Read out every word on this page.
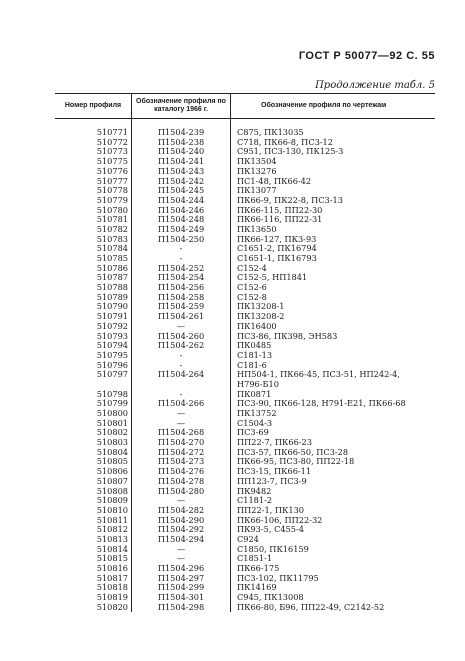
ГОСТ Р 50077—92 С. 55
Продолжение табл. 5
Номер профиля	Обозначение профиля по каталогу 1966 г.	Обозначение профиля по чертежам

510771	П1504-239	С875, ПК13035
510772	П1504-238	С718, ПК66-8, ПС3-12
510773	П1504-240	С951, ПС3-130, ПК125-3
510775	П1504-241	ПК13504
510776	П1504-243	ПК13276
510777	П1504-242	ПС1-48, ПК66-42
510778	П1504-245	ПК13077
510779	П1504-244	ПК66-9, ПК22-8, ПС3-13
510780	П1504-246	ПК66-115, ПП22-30
510781	П1504-248	ПК66-116, ПП22-31
510782	П1504-249	ПК13650
510783	П1504-250	ПК66-127, ПК3-93
510784	-	С1651-2, ПК16794
510785	-	С1651-1, ПК16793
510786	П1504-252	С152-4
510787	П1504-254	С152-5, НП1841
510788	П1504-256	С152-6
510789	П1504-258	С152-8
510790	П1504-259	ПК13208-1
510791	П1504-261	ПК13208-2
510792	—	ПК16400
510793	П1504-260	ПС3-86, ПК398, ЭН583
510794	П1504-262	ПК0485
510795	-	С181-13
510796	-	С181-6
510797	П1504-264	НП504-1, ПК66-45, ПС3-51, НП242-4,
		Н796-Б10
510798	-	ПК0871
510799	П1504-266	ПС3-90, ПК66-128, Н791-Е21, ПК66-68
510800	—	ПК13752
510801	—	С1504-3
510802	П1504-268	ПС3-69
510803	П1504-270	ПП22-7, ПК66-23
510804	П1504-272	ПС3-57, ПК66-50, ПС3-28
510805	П1504-273	ПК66-95, ПС3-80, ПП22-18
510806	П1504-276	ПС3-15, ПК66-11
510807	П1504-278	ПП123-7, ПС3-9
510808	П1504-280	ПК9482
510809	—	С1181-2
510810	П1504-282	ПП22-1, ПК130
510811	П1504-290	ПК66-106, ПП22-32
510812	П1504-292	ПК93-5, С455-4
510813	П1504-294	С924
510814	—	С1850, ПК16159
510815	—	С1851-1
510816	П1504-296	ПК66-175
510817	П1504-297	ПС3-102, ПК11795
510818	П1504-299	ПК14169
510819	П1504-301	С945, ПК13008
510820	П1504-298	ПК66-80, Б96, ПП22-49, С2142-52
